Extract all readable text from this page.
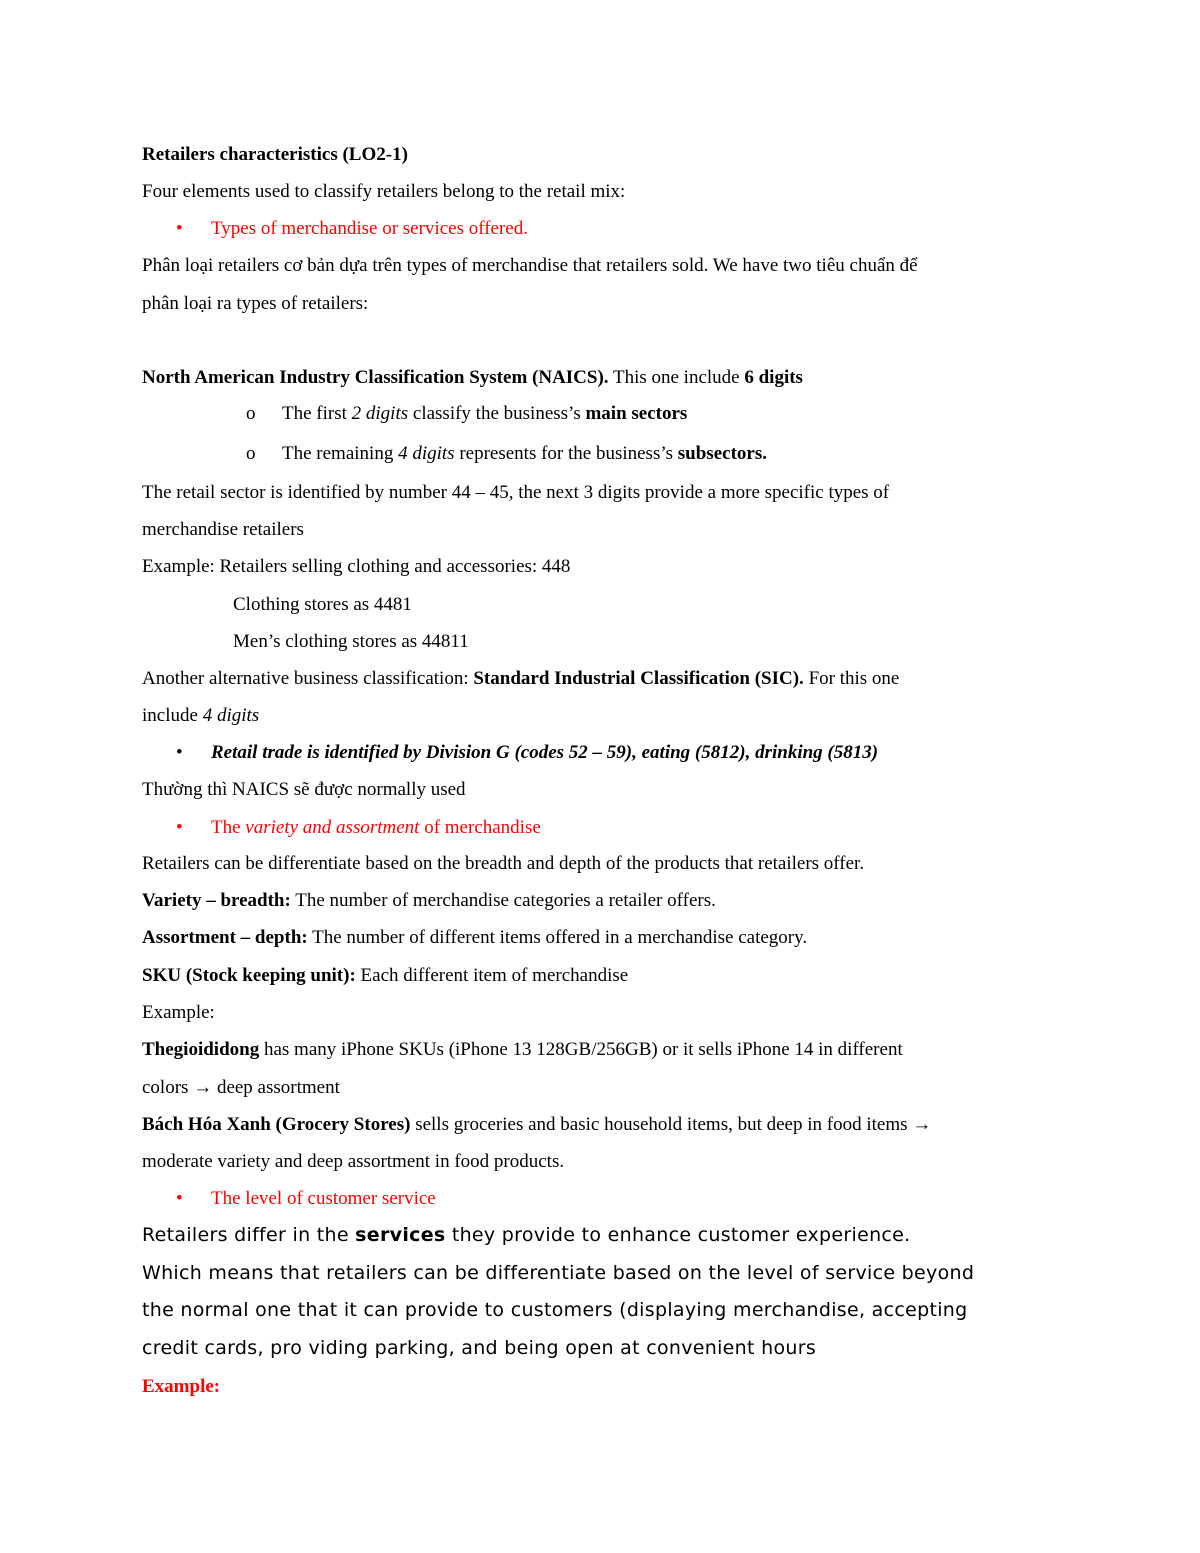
Retailers characteristics (LO2-1)
Four elements used to classify retailers belong to the retail mix:
• Types of merchandise or services offered.
Phân loại retailers cơ bản dựa trên types of merchandise that retailers sold. We have two tiêu chuẩn để
phân loại ra types of retailers:
North American Industry Classification System (NAICS). This one include 6 digits
o The first 2 digits classify the business’s main sectors
o The remaining 4 digits represents for the business’s subsectors.
The retail sector is identified by number 44 – 45, the next 3 digits provide a more specific types of
merchandise retailers
Example: Retailers selling clothing and accessories: 448
Clothing stores as 4481
Men’s clothing stores as 44811
Another alternative business classification: Standard Industrial Classification (SIC). For this one
include 4 digits
• Retail trade is identified by Division G (codes 52 – 59), eating (5812), drinking (5813)
Thường thì NAICS sẽ được normally used
• The variety and assortment of merchandise
Retailers can be differentiate based on the breadth and depth of the products that retailers offer.
Variety – breadth: The number of merchandise categories a retailer offers.
Assortment – depth: The number of different items offered in a merchandise category.
SKU (Stock keeping unit): Each different item of merchandise
Example:
Thegioididong has many iPhone SKUs (iPhone 13 128GB/256GB) or it sells iPhone 14 in different
colors → deep assortment
Bách Hóa Xanh (Grocery Stores) sells groceries and basic household items, but deep in food items →
moderate variety and deep assortment in food products.
• The level of customer service
Retailers differ in the services they provide to enhance customer experience.
Which means that retailers can be differentiate based on the level of service beyond
the normal one that it can provide to customers (displaying merchandise, accepting
credit cards, pro viding parking, and being open at convenient hours
Example:
